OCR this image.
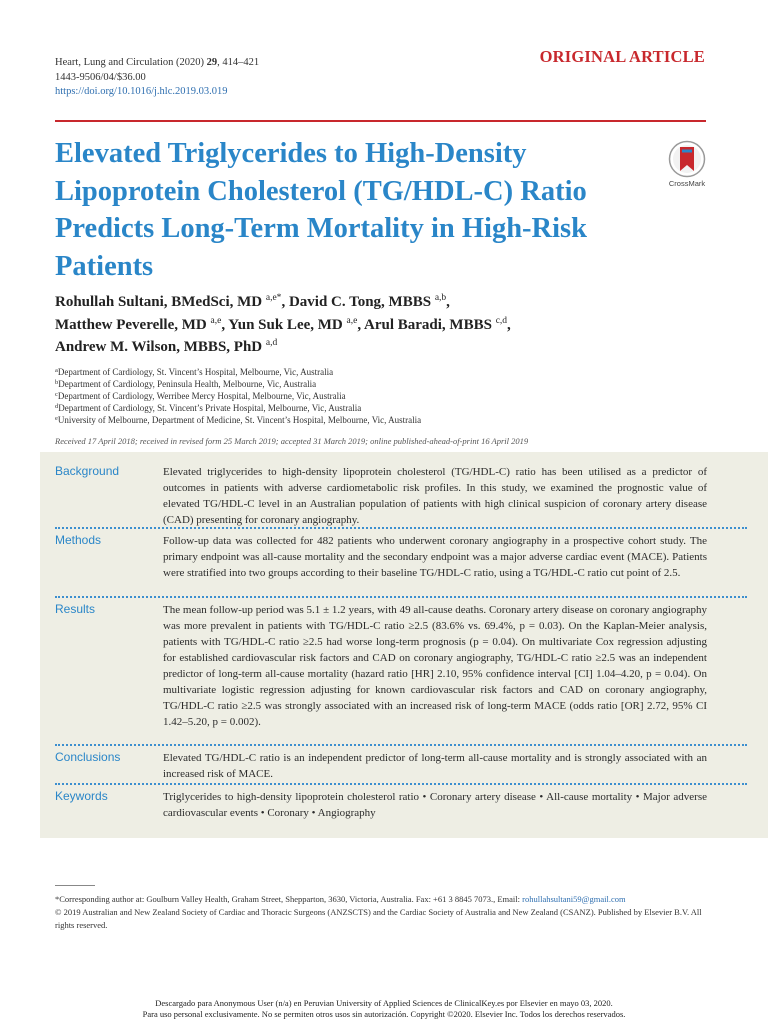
Heart, Lung and Circulation (2020) 29, 414–421
1443-9506/04/$36.00
https://doi.org/10.1016/j.hlc.2019.03.019
ORIGINAL ARTICLE
Elevated Triglycerides to High-Density Lipoprotein Cholesterol (TG/HDL-C) Ratio Predicts Long-Term Mortality in High-Risk Patients
CrossMark
Rohullah Sultani, BMedSci, MD $^{a,e*}$, David C. Tong, MBBS $^{a,b}$,
Matthew Peverelle, MD $^{a,e}$, Yun Suk Lee, MD $^{a,e}$, Arul Baradi, MBBS $^{c,d}$,
Andrew M. Wilson, MBBS, PhD $^{a,d}$
$^a$Department of Cardiology, St. Vincent’s Hospital, Melbourne, Vic, Australia
$^b$Department of Cardiology, Peninsula Health, Melbourne, Vic, Australia
$^c$Department of Cardiology, Werribee Mercy Hospital, Melbourne, Vic, Australia
$^d$Department of Cardiology, St. Vincent’s Private Hospital, Melbourne, Vic, Australia
$^e$University of Melbourne, Department of Medicine, St. Vincent’s Hospital, Melbourne, Vic, Australia
Received 17 April 2018; received in revised form 25 March 2019; accepted 31 March 2019; online published-ahead-of-print 16 April 2019
Background	Elevated triglycerides to high-density lipoprotein cholesterol (TG/HDL-C) ratio has been utilised as a predictor of outcomes in patients with adverse cardiometabolic risk profiles. In this study, we examined the prognostic value of elevated TG/HDL-C level in an Australian population of patients with high clinical suspicion of coronary artery disease (CAD) presenting for coronary angiography.
Methods	Follow-up data was collected for 482 patients who underwent coronary angiography in a prospective cohort study. The primary endpoint was all-cause mortality and the secondary endpoint was a major adverse cardiac event (MACE). Patients were stratified into two groups according to their baseline TG/HDL-C ratio, using a TG/HDL-C ratio cut point of 2.5.
Results	The mean follow-up period was 5.1 ± 1.2 years, with 49 all-cause deaths. Coronary artery disease on coronary angiography was more prevalent in patients with TG/HDL-C ratio ≥2.5 (83.6% vs. 69.4%, p = 0.03). On the Kaplan-Meier analysis, patients with TG/HDL-C ratio ≥2.5 had worse long-term prognosis (p = 0.04). On multivariate Cox regression adjusting for established cardiovascular risk factors and CAD on coronary angiography, TG/HDL-C ratio ≥2.5 was an independent predictor of long-term all-cause mortality (hazard ratio [HR] 2.10, 95% confidence interval [CI] 1.04–4.20, p = 0.04). On multivariate logistic regression adjusting for known cardiovascular risk factors and CAD on coronary angiography, TG/HDL-C ratio ≥2.5 was strongly associated with an increased risk of long-term MACE (odds ratio [OR] 2.72, 95% CI 1.42–5.20, p = 0.002).
Conclusions	Elevated TG/HDL-C ratio is an independent predictor of long-term all-cause mortality and is strongly associated with an increased risk of MACE.
Keywords	Triglycerides to high-density lipoprotein cholesterol ratio • Coronary artery disease • All-cause mortality • Major adverse cardiovascular events • Coronary • Angiography

*Corresponding author at: Goulburn Valley Health, Graham Street, Shepparton, 3630, Victoria, Australia. Fax: +61 3 8845 7073., Email: rohullahsultani59@gmail.com

© 2019 Australian and New Zealand Society of Cardiac and Thoracic Surgeons (ANZSCTS) and the Cardiac Society of Australia and New Zealand (CSANZ). Published by Elsevier B.V. All rights reserved.

Descargado para Anonymous User (n/a) en Peruvian University of Applied Sciences de ClinicalKey.es por Elsevier en mayo 03, 2020.
Para uso personal exclusivamente. No se permiten otros usos sin autorización. Copyright ©2020. Elsevier Inc. Todos los derechos reservados.
